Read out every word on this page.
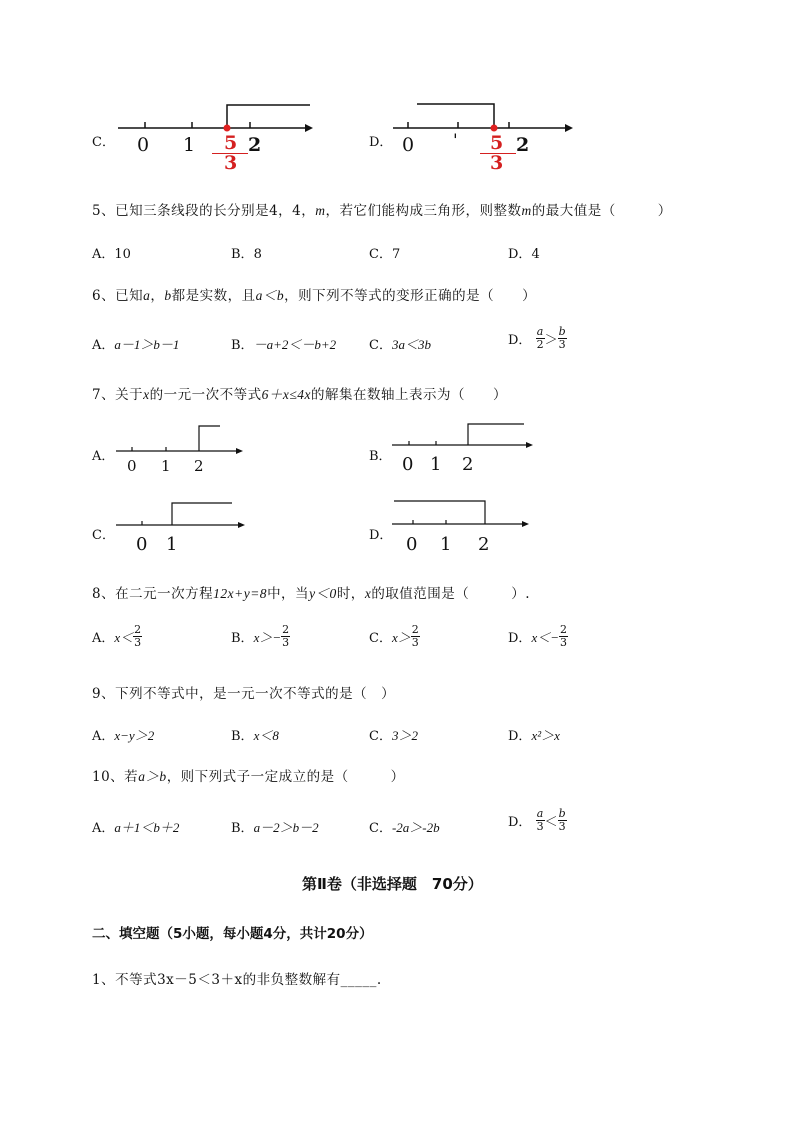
C． 0 1	2
5
3
D． 0 '	2
5
3
5、已知三条线段的长分别是4，4，m，若它们能构成三角形，则整数m的最大值是（　　　）
A．10	B．8	C．7	D．4
6、已知a，b都是实数，且a＜b，则下列不等式的变形正确的是（　　）
A．a－1＞b－1	B．－a+2＜－b+2	C．3a＜3b	D． $\frac{a}{2} > \frac{b}{3}$
7、关于x的一元一次不等式6＋x≤4x的解集在数轴上表示为（　　）
A．
0 1 2
B． 0 1 2
C． 0 1	D． 0 1 2
8、在二元一次方程12x+y=8中，当y＜0时，x的取值范围是（　　　）.
A．$x< \frac{2}{3}$	B．$x>- \frac{2}{3}$	C．$x> \frac{2}{3}$	D．$x<- \frac{2}{3}$
9、下列不等式中，是一元一次不等式的是（　）
A．x−y＞2	B．x＜8	C．3＞2	D．x²＞x
10、若a＞b，则下列式子一定成立的是（　　　）
A．a＋1＜b＋2	B．a－2＞b－2	C．-2a＞-2b	D． $\frac{a}{3} < \frac{b}{3}$
第Ⅱ卷（非选择题　70分）
二、填空题（5小题，每小题4分，共计20分）
1、不等式3x－5＜3＋x的非负整数解有_____.
